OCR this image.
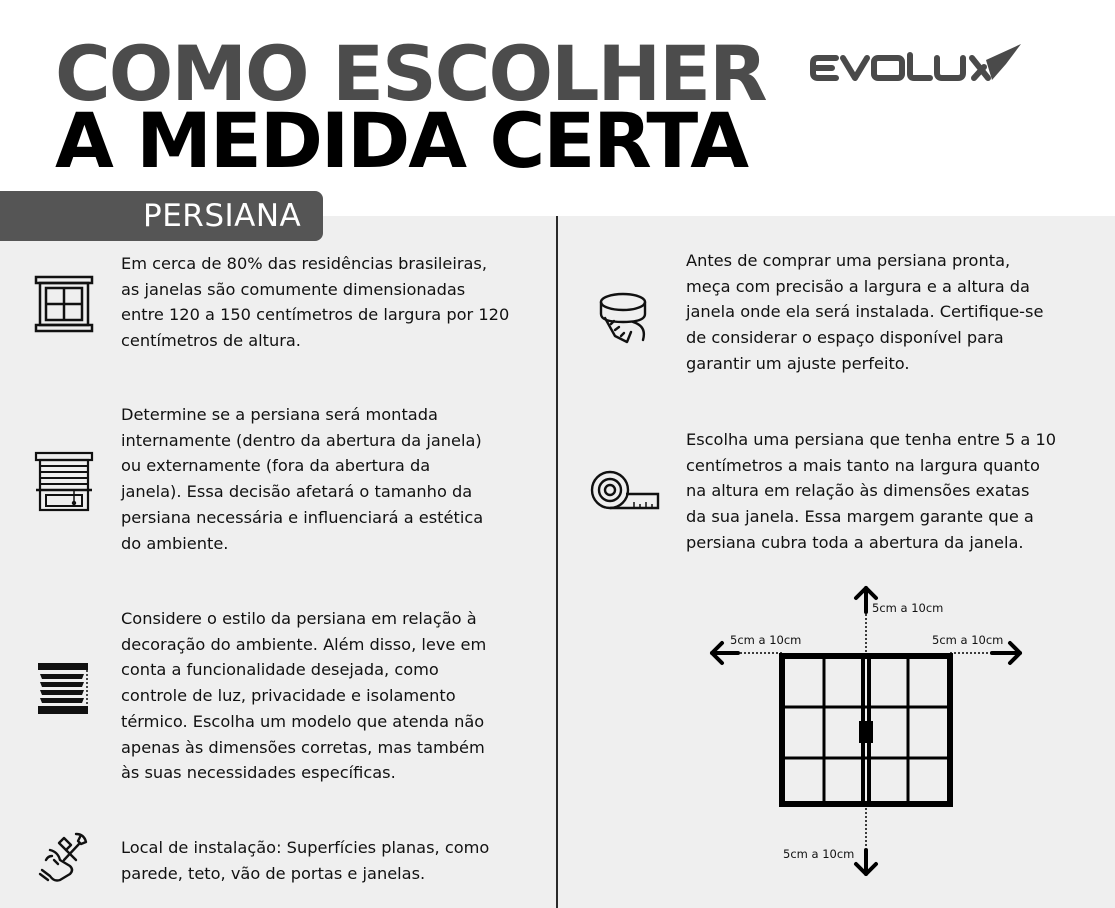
COMO ESCOLHER
A MEDIDA CERTA
PERSIANA
Em cerca de 80% das residências brasileiras,
as janelas são comumente dimensionadas
entre 120 a 150 centímetros de largura por 120
centímetros de altura.
Determine se a persiana será montada
internamente (dentro da abertura da janela)
ou externamente (fora da abertura da
janela). Essa decisão afetará o tamanho da
persiana necessária e influenciará a estética
do ambiente.
Considere o estilo da persiana em relação à
decoração do ambiente. Além disso, leve em
conta a funcionalidade desejada, como
controle de luz, privacidade e isolamento
térmico. Escolha um modelo que atenda não
apenas às dimensões corretas, mas também
às suas necessidades específicas.
Local de instalação: Superfícies planas, como
parede, teto, vão de portas e janelas.
Antes de comprar uma persiana pronta,
meça com precisão a largura e a altura da
janela onde ela será instalada. Certifique-se
de considerar o espaço disponível para
garantir um ajuste perfeito.
Escolha uma persiana que tenha entre 5 a 10
centímetros a mais tanto na largura quanto
na altura em relação às dimensões exatas
da sua janela. Essa margem garante que a
persiana cubra toda a abertura da janela.
5cm a 10cm
5cm a 10cm	5cm a 10cm
5cm a 10cm
